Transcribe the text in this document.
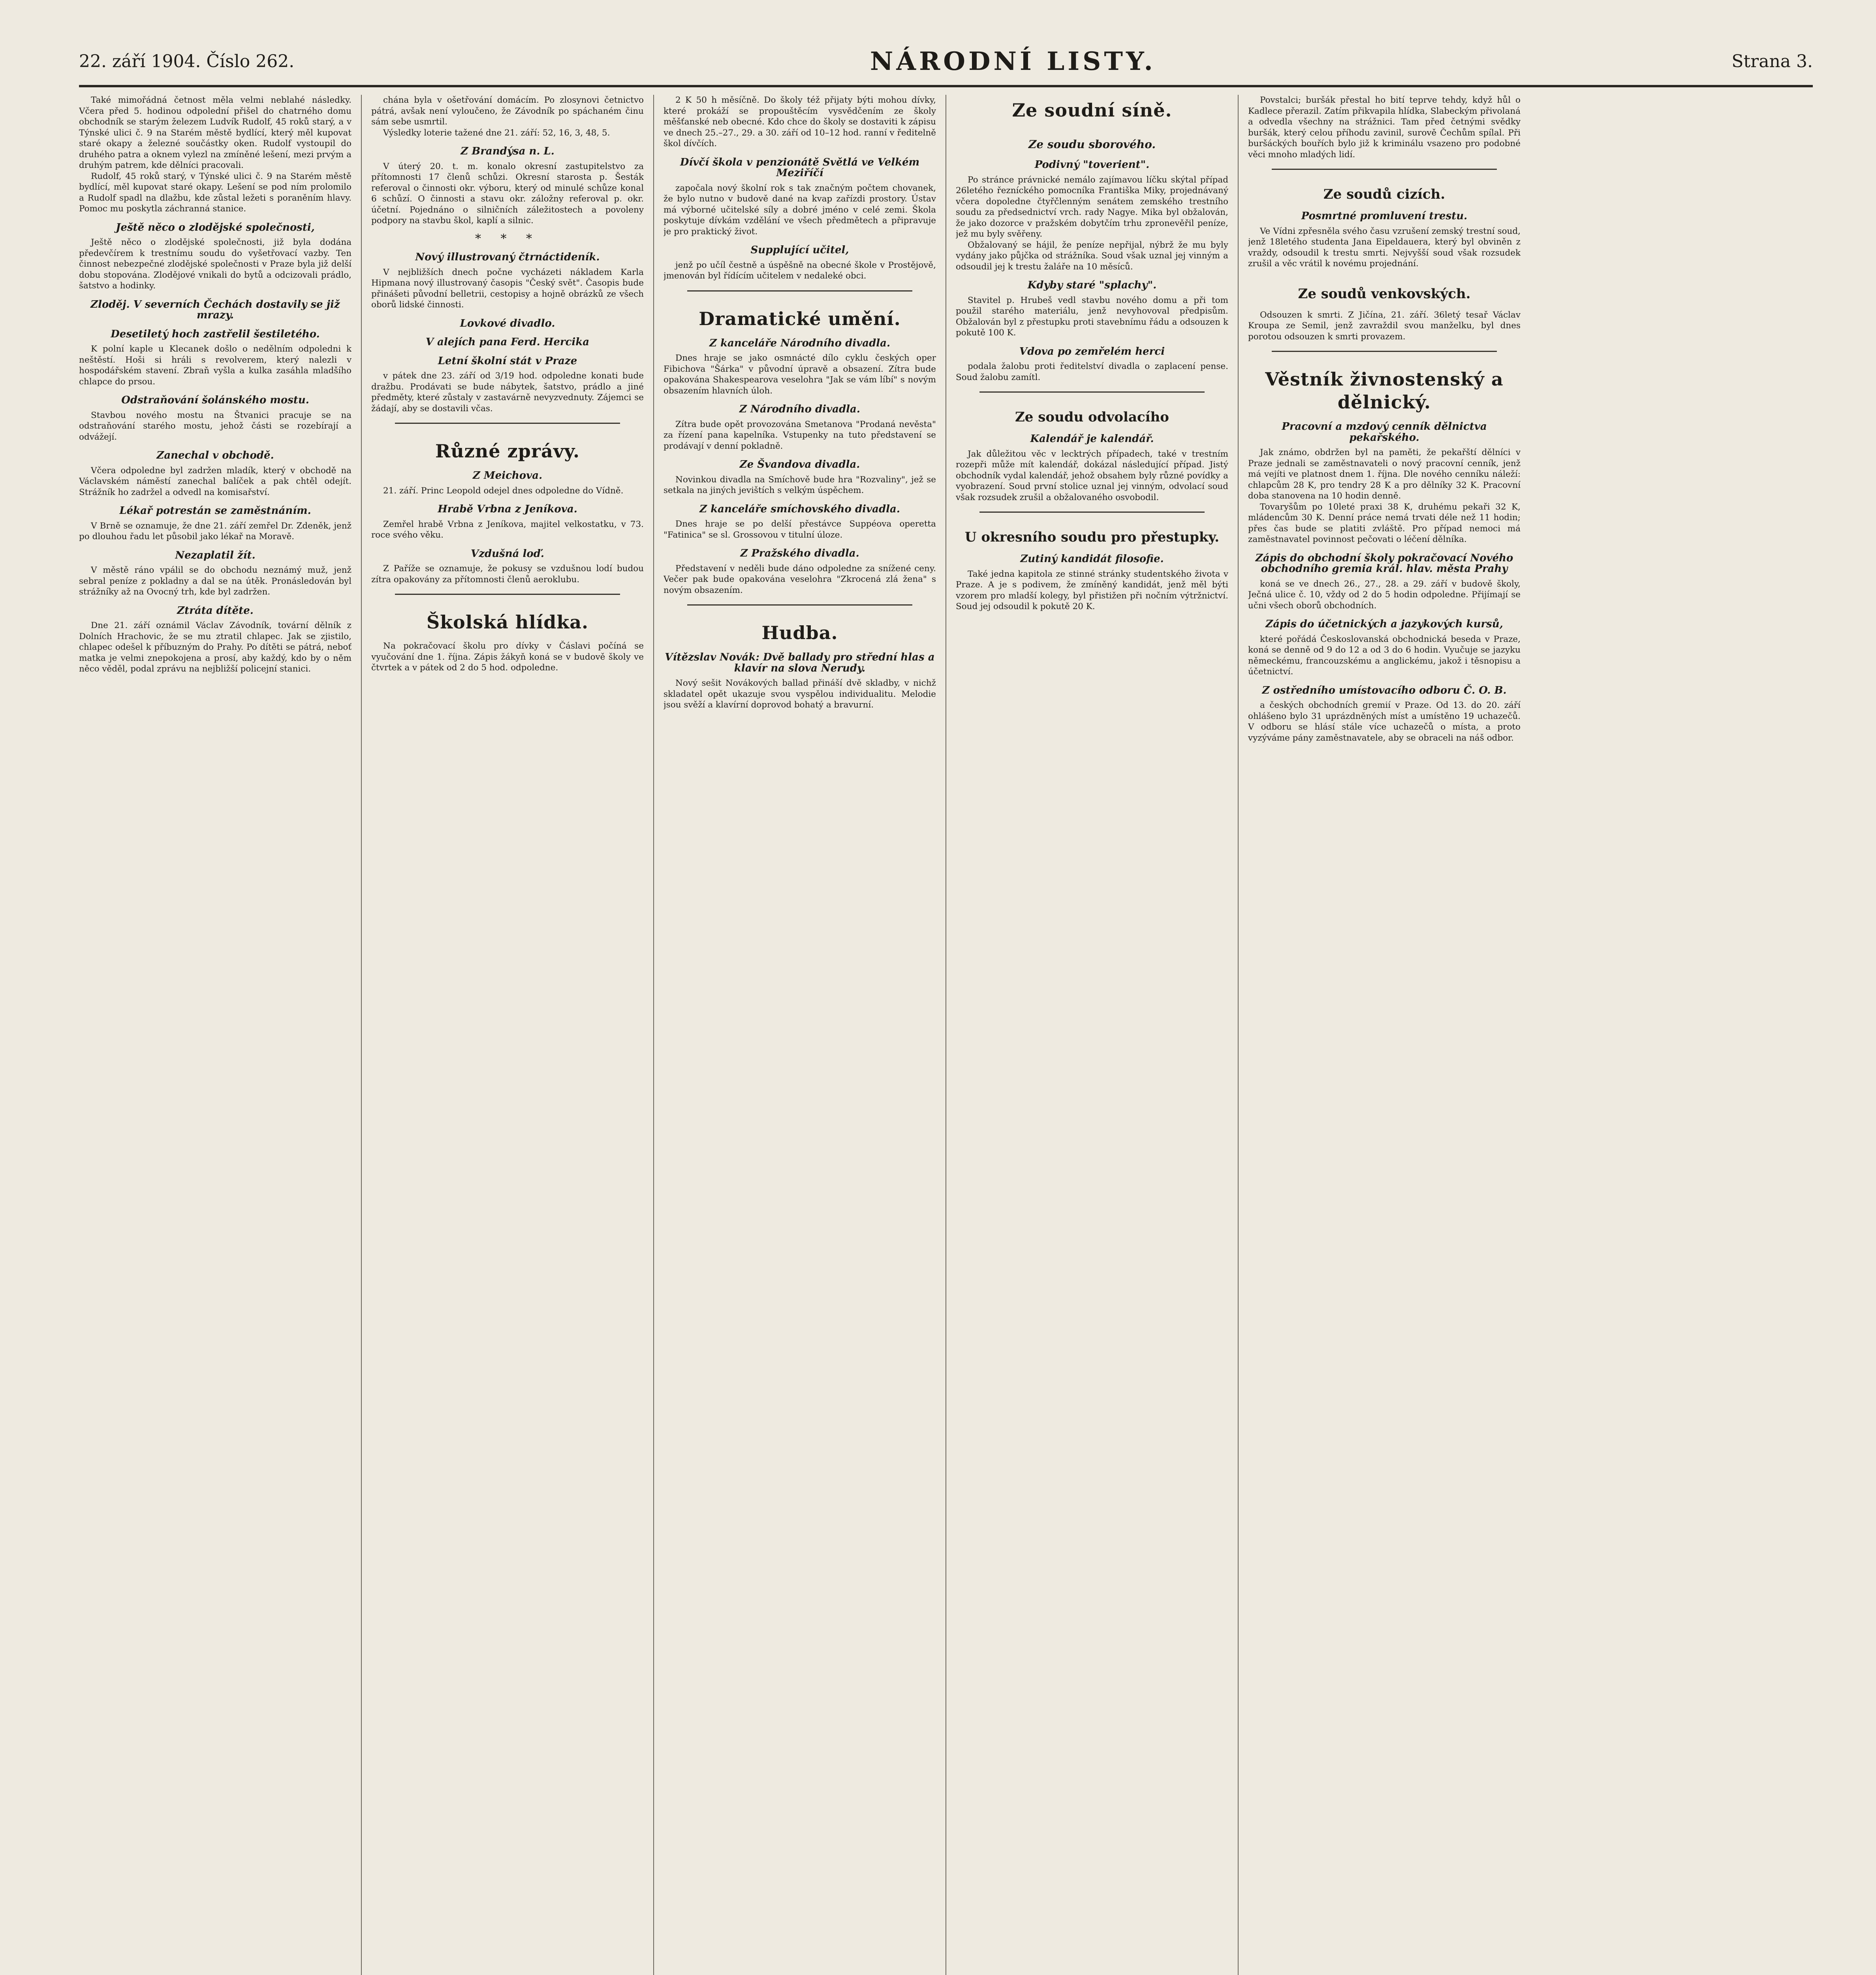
22. září 1904. Číslo 262.	NÁRODNÍ LISTY.	Strana 3.

Také mimořádná četnost měla velmi neblahé následky. Včera před 5. hodinou odpolední přišel do chatrného domu obchodník se starým železem Ludvík Rudolf, 45 roků starý, a v Týnské ulici č. 9 na Starém městě bydlící, který měl kupovat staré okapy a železné součástky oken. Rudolf vystoupil do druhého patra a oknem vylezl na zmíněné lešení, mezi prvým a druhým patrem, kde dělníci pracovali.

Rudolf, 45 roků starý, v Týnské ulici č. 9 na Starém městě bydlící, měl kupovat staré okapy. Lešení se pod ním prolomilo a Rudolf spadl na dlažbu, kde zůstal ležeti s poraněním hlavy. Pomoc mu poskytla záchranná stanice.

Ještě něco o zlodějské společnosti,

Ještě něco o zlodějské společnosti, již byla dodána předevčírem k trestnímu soudu do vyšetřovací vazby. Ten činnost nebezpečné zlodějské společnosti v Praze byla již delší dobu stopována. Zlodějové vnikali do bytů a odcizovali prádlo, šatstvo a hodinky.

Zloděj. V severních Čechách dostavily se již mrazy.
Desetiletý hoch zastřelil šestiletého.

K polní kaple u Klecanek došlo o nedělním odpoledni k neštěstí. Hoši si hráli s revolverem, který nalezli v hospodářském stavení. Zbraň vyšla a kulka zasáhla mladšího chlapce do prsou.

Odstraňování šolánského mostu.

Stavbou nového mostu na Štvanici pracuje se na odstraňování starého mostu, jehož části se rozebírají a odvážejí.

Zanechal v obchodě.

Včera odpoledne byl zadržen mladík, který v obchodě na Václavském náměstí zanechal balíček a pak chtěl odejít. Strážník ho zadržel a odvedl na komisařství.

Lékař potrestán se zaměstnáním.

V Brně se oznamuje, že dne 21. září zemřel Dr. Zdeněk, jenž po dlouhou řadu let působil jako lékař na Moravě.

Nezaplatil žít.

V městě ráno vpálil se do obchodu neznámý muž, jenž sebral peníze z pokladny a dal se na útěk. Pronásledován byl strážníky až na Ovocný trh, kde byl zadržen.

Ztráta dítěte.

Dne 21. září oznámil Václav Závodník, tovární dělník z Dolních Hrachovic, že se mu ztratil chlapec. Jak se zjistilo, chlapec odešel k příbuzným do Prahy. Po dítěti se pátrá, neboť matka je velmi znepokojena a prosí, aby každý, kdo by o něm něco věděl, podal zprávu na nejbližší policejní stanici.

chána byla v ošetřování domácím. Po zlosynovi četnictvo pátrá, avšak není vyloučeno, že Závodník po spáchaném činu sám sebe usmrtil.

Výsledky loterie tažené dne 21. září: 52, 16, 3, 48, 5.

Z Brandýsa n. L.

V úterý 20. t. m. konalo okresní zastupitelstvo za přítomnosti 17 členů schůzi. Okresní starosta p. Šesták referoval o činnosti okr. výboru, který od minulé schůze konal 6 schůzí. O činnosti a stavu okr. záložny referoval p. okr. účetní. Pojednáno o silničních záležitostech a povoleny podpory na stavbu škol, kaplí a silnic.

* * *
Nový illustrovaný čtrnáctideník.

V nejbližších dnech počne vycházeti nákladem Karla Hipmana nový illustrovaný časopis "Český svět". Časopis bude přinášeti původní belletrii, cestopisy a hojně obrázků ze všech oborů lidské činnosti.

Lovkové divadlo.
V alejích pana Ferd. Hercika
Letní školní stát v Praze

v pátek dne 23. září od 3/19 hod. odpoledne konati bude dražbu. Prodávati se bude nábytek, šatstvo, prádlo a jiné předměty, které zůstaly v zastavárně nevyzvednuty. Zájemci se žádají, aby se dostavili včas.

Různé zprávy.
Z Meichova.

21. září. Princ Leopold odejel dnes odpoledne do Vídně.

Hrabě Vrbna z Jeníkova.

Zemřel hrabě Vrbna z Jeníkova, majitel velkostatku, v 73. roce svého věku.

Vzdušná loď.

Z Paříže se oznamuje, že pokusy se vzdušnou lodí budou zítra opakovány za přítomnosti členů aeroklubu.

Školská hlídka.

Na pokračovací školu pro dívky v Čáslavi počíná se vyučování dne 1. října. Zápis žákyň koná se v budově školy ve čtvrtek a v pátek od 2 do 5 hod. odpoledne.

2 K 50 h měsíčně. Do školy též přijaty býti mohou dívky, které prokáží se propouštěcím vysvědčením ze školy měšťanské neb obecné. Kdo chce do školy se dostaviti k zápisu ve dnech 25.–27., 29. a 30. září od 10–12 hod. ranní v ředitelně škol dívčích.

Dívčí škola v penzionátě Světlá ve Velkém Meziříčí

započala nový školní rok s tak značným počtem chovanek, že bylo nutno v budově dané na kvap zařízdi prostory. Ústav má výborné učitelské síly a dobré jméno v celé zemi. Škola poskytuje dívkám vzdělání ve všech předmětech a připravuje je pro praktický život.

Supplující učitel,

jenž po učíl čestně a úspěšně na obecné škole v Prostějově, jmenován byl řídícím učitelem v nedaleké obci.

Dramatické umění.
Z kanceláře Národního divadla.

Dnes hraje se jako osmnácté dílo cyklu českých oper Fibichova "Šárka" v původní úpravě a obsazení. Zítra bude opakována Shakespearova veselohra "Jak se vám líbí" s novým obsazením hlavních úloh.

Z Národního divadla.

Zítra bude opět provozována Smetanova "Prodaná nevěsta" za řízení pana kapelníka. Vstupenky na tuto představení se prodávají v denní pokladně.

Ze Švandova divadla.

Novinkou divadla na Smíchově bude hra "Rozvaliny", jež se setkala na jiných jevištích s velkým úspěchem.

Z kanceláře smíchovského divadla.

Dnes hraje se po delší přestávce Suppéova operetta "Fatinica" se sl. Grossovou v titulní úloze.

Z Pražského divadla.

Představení v neděli bude dáno odpoledne za snížené ceny. Večer pak bude opakována veselohra "Zkrocená zlá žena" s novým obsazením.

Hudba.
Vítězslav Novák: Dvě ballady pro střední hlas a klavír na slova Nerudy.

Nový sešit Novákových ballad přináší dvě skladby, v nichž skladatel opět ukazuje svou vyspělou individualitu. Melodie jsou svěží a klavírní doprovod bohatý a bravurní.

Ze soudní síně.
Ze soudu sborového.
Podivný "toverient".

Po stránce právnické nemálo zajímavou líčku skýtal případ 26letého řezníckého pomocníka Františka Miky, projednávaný včera dopoledne čtyřčlenným senátem zemského trestního soudu za předsednictví vrch. rady Nagye. Mika byl obžalován, že jako dozorce v pražském dobytčím trhu zpronevěřil peníze, jež mu byly svěřeny.

Obžalovaný se hájil, že peníze nepřijal, nýbrž že mu byly vydány jako půjčka od strážníka. Soud však uznal jej vinným a odsoudil jej k trestu žaláře na 10 měsíců.

Kdyby staré "splachy".

Stavitel p. Hrubeš vedl stavbu nového domu a při tom použil starého materiálu, jenž nevyhovoval předpisům. Obžalován byl z přestupku proti stavebnímu řádu a odsouzen k pokutě 100 K.

Vdova po zemřelém herci

podala žalobu proti ředitelství divadla o zaplacení pense. Soud žalobu zamítl.

Ze soudu odvolacího
Kalendář je kalendář.

Jak důležitou věc v lecktrých případech, také v trestním rozepři může mít kalendář, dokázal následující případ. Jistý obchodník vydal kalendář, jehož obsahem byly různé povídky a vyobrazení. Soud první stolice uznal jej vinným, odvolací soud však rozsudek zrušil a obžalovaného osvobodil.

U okresního soudu pro přestupky.
Zutiný kandidát filosofie.

Také jedna kapitola ze stinné stránky studentského života v Praze. A je s podivem, že zmíněný kandidát, jenž měl býti vzorem pro mladší kolegy, byl přistižen při nočním výtržnictví. Soud jej odsoudil k pokutě 20 K.

Povstalci; buršák přestal ho bití teprve tehdy, když hůl o Kadlece přerazil. Zatím přikvapila hlídka, Slabeckým přivolaná a odvedla všechny na strážnici. Tam před četnými svědky buršák, který celou příhodu zavinil, surově Čechům spílal. Při buršáckých bouřích bylo již k kriminálu vsazeno pro podobné věci mnoho mladých lidí.

Ze soudů cizích.
Posmrtné promluvení trestu.

Ve Vídni zpřesněla svého času vzrušení zemský trestní soud, jenž 18letého studenta Jana Eipeldauera, který byl obviněn z vraždy, odsoudil k trestu smrti. Nejvyšší soud však rozsudek zrušil a věc vrátil k novému projednání.

Ze soudů venkovských.

Odsouzen k smrti. Z Jičína, 21. září. 36letý tesař Václav Kroupa ze Semil, jenž zavraždil svou manželku, byl dnes porotou odsouzen k smrti provazem.

Věstník živnostenský a dělnický.
Pracovní a mzdový cenník dělnictva pekařského.

Jak známo, obdržen byl na paměti, že pekařští dělníci v Praze jednali se zaměstnavateli o nový pracovní cenník, jenž má vejíti ve platnost dnem 1. října. Dle nového cenníku náleží: chlapcům 28 K, pro tendry 28 K a pro dělníky 32 K. Pracovní doba stanovena na 10 hodin denně.

Tovaryšům po 10leté praxi 38 K, druhému pekaři 32 K, mládencům 30 K. Denní práce nemá trvati déle než 11 hodin; přes čas bude se platiti zvláště. Pro případ nemoci má zaměstnavatel povinnost pečovati o léčení dělníka.

Zápis do obchodní školy pokračovací Nového obchodního gremia král. hlav. města Prahy

koná se ve dnech 26., 27., 28. a 29. září v budově školy, Ječná ulice č. 10, vždy od 2 do 5 hodin odpoledne. Přijímají se učni všech oborů obchodních.

Zápis do účetnických a jazykových kursů,

které pořádá Českoslovanská obchodnická beseda v Praze, koná se denně od 9 do 12 a od 3 do 6 hodin. Vyučuje se jazyku německému, francouzskému a anglickému, jakož i těsnopisu a účetnictví.

Z ostředního umístovacího odboru Č. O. B.

a českých obchodních gremií v Praze. Od 13. do 20. září ohlášeno bylo 31 uprázdněných míst a umístěno 19 uchazečů. V odboru se hlásí stále více uchazečů o místa, a proto vyzýváme pány zaměstnavatele, aby se obraceli na náš odbor.
